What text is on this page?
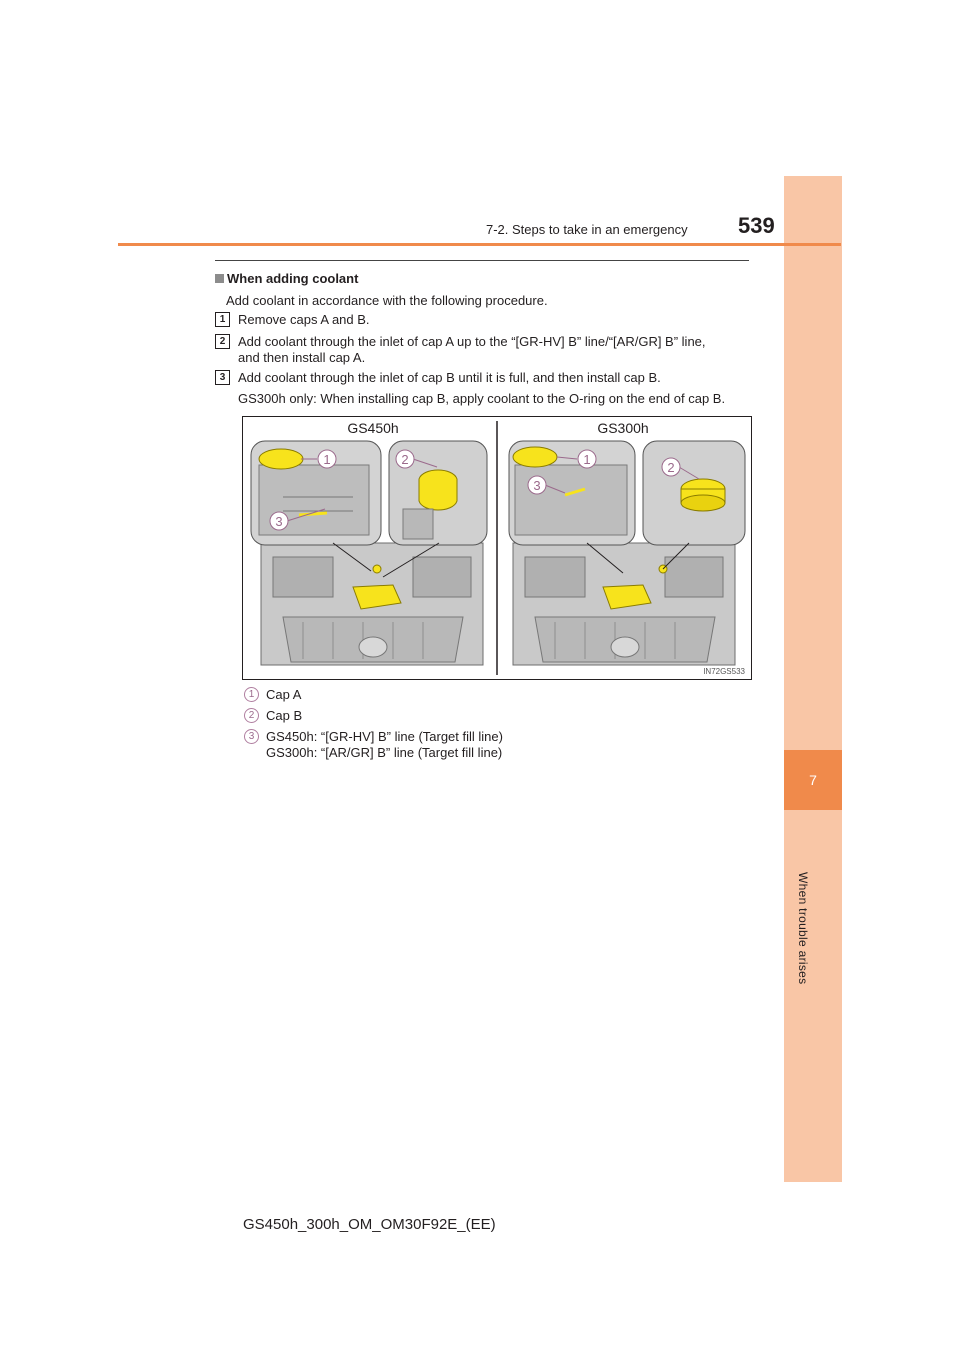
7
When trouble arises
7-2. Steps to take in an emergency 539
When adding coolant
Add coolant in accordance with the following procedure.
1 Remove caps A and B.
2 Add coolant through the inlet of cap A up to the “[GR-HV] B” line/“[AR/GR] B” line,
and then install cap A.
3 Add coolant through the inlet of cap B until it is full, and then install cap B.
GS300h only: When installing cap B, apply coolant to the O-ring on the end of cap B.
GS450h	GS300h
1	2
3
1
2
3
IN72GS533
1 Cap A
2 Cap B
3 GS450h: “[GR-HV] B” line (Target fill line)
GS300h: “[AR/GR] B” line (Target fill line)
GS450h_300h_OM_OM30F92E_(EE)
